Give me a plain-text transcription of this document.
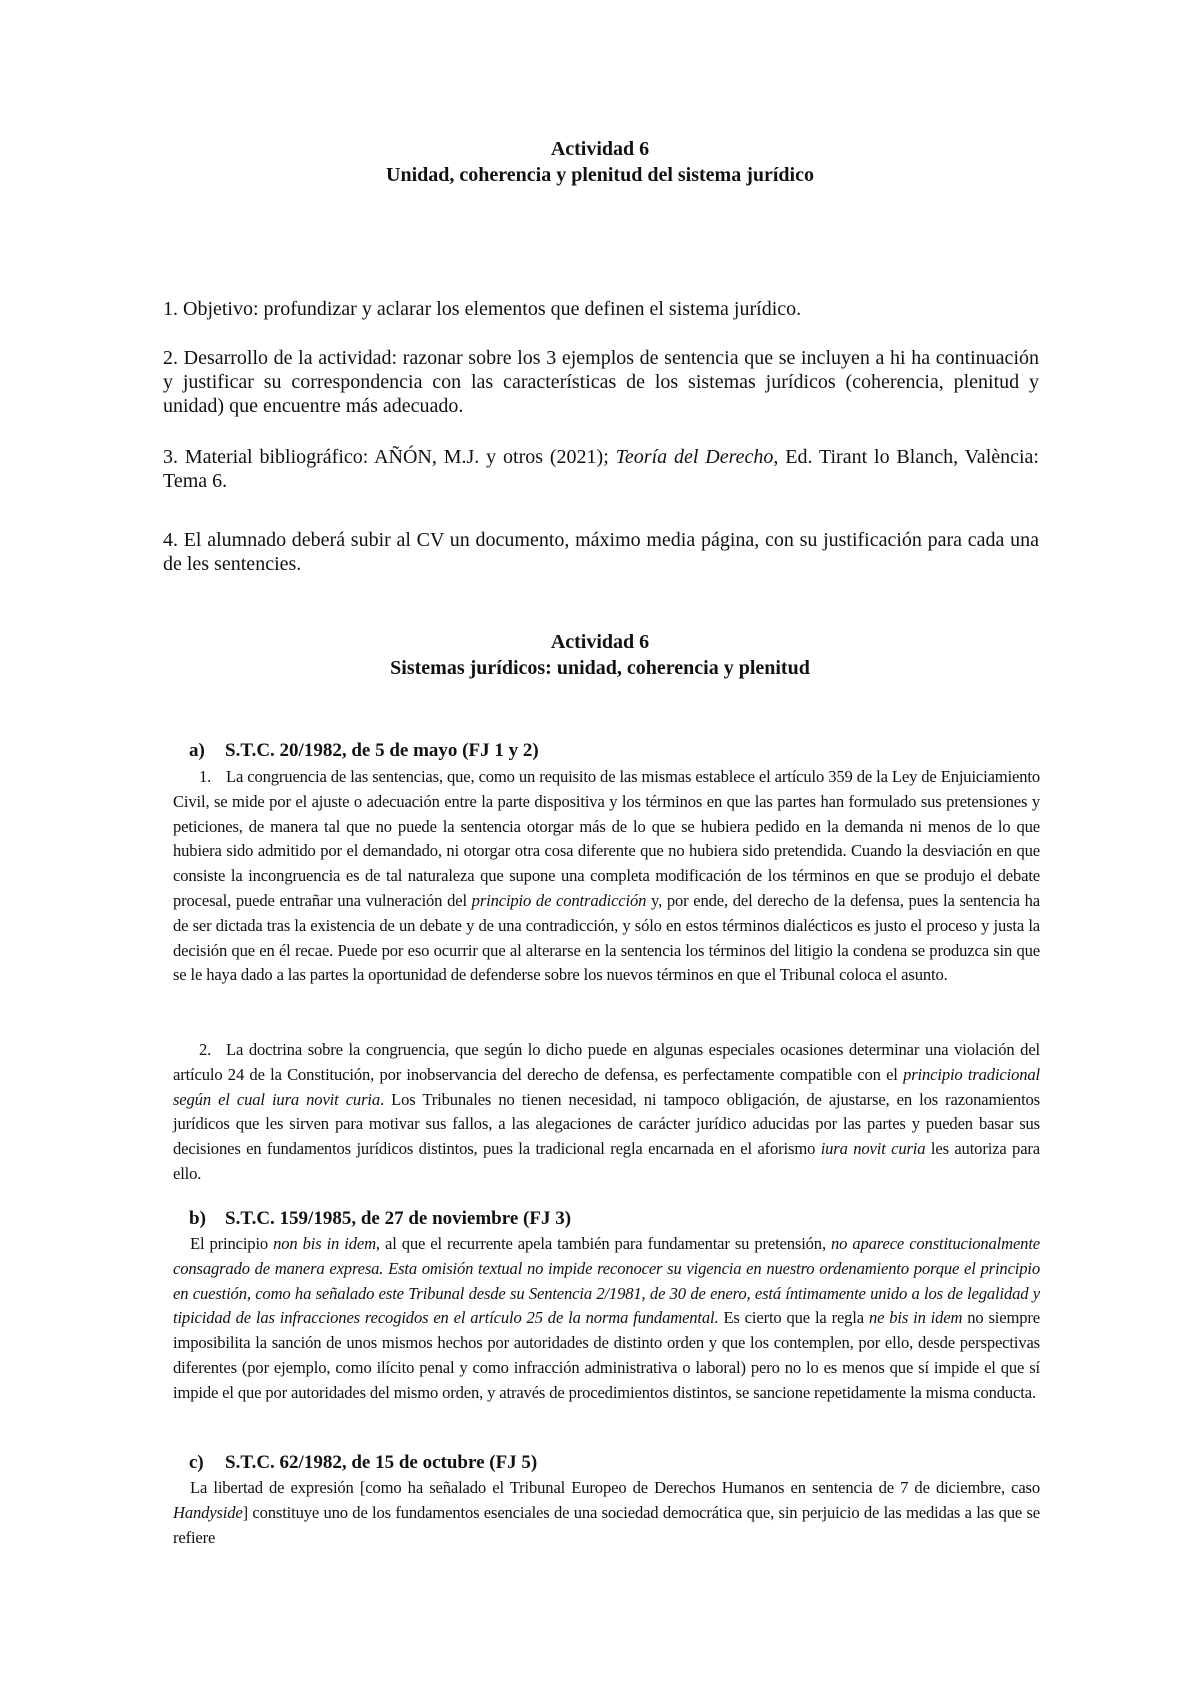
Actividad 6
Unidad, coherencia y plenitud del sistema jurídico
1. Objetivo: profundizar y aclarar los elementos que definen el sistema jurídico.
2. Desarrollo de la actividad: razonar sobre los 3 ejemplos de sentencia que se incluyen a hi ha continuación y justificar su correspondencia con las características de los sistemas jurídicos (coherencia, plenitud y unidad) que encuentre más adecuado.
3. Material bibliográfico: AÑÓN, M.J. y otros (2021); Teoría del Derecho, Ed. Tirant lo Blanch, València: Tema 6.
4. El alumnado deberá subir al CV un documento, máximo media página, con su justificación para cada una de les sentencies.
Actividad 6
Sistemas jurídicos: unidad, coherencia y plenitud
a) S.T.C. 20/1982, de 5 de mayo (FJ 1 y 2)
1. La congruencia de las sentencias, que, como un requisito de las mismas establece el artículo 359 de la Ley de Enjuiciamiento Civil, se mide por el ajuste o adecuación entre la parte dispositiva y los términos en que las partes han formulado sus pretensiones y peticiones, de manera tal que no puede la sentencia otorgar más de lo que se hubiera pedido en la demanda ni menos de lo que hubiera sido admitido por el demandado, ni otorgar otra cosa diferente que no hubiera sido pretendida. Cuando la desviación en que consiste la incongruencia es de tal naturaleza que supone una completa modificación de los términos en que se produjo el debate procesal, puede entrañar una vulneración del principio de contradicción y, por ende, del derecho de la defensa, pues la sentencia ha de ser dictada tras la existencia de un debate y de una contradicción, y sólo en estos términos dialécticos es justo el proceso y justa la decisión que en él recae. Puede por eso ocurrir que al alterarse en la sentencia los términos del litigio la condena se produzca sin que se le haya dado a las partes la oportunidad de defenderse sobre los nuevos términos en que el Tribunal coloca el asunto.
2. La doctrina sobre la congruencia, que según lo dicho puede en algunas especiales ocasiones determinar una violación del artículo 24 de la Constitución, por inobservancia del derecho de defensa, es perfectamente compatible con el principio tradicional según el cual iura novit curia. Los Tribunales no tienen necesidad, ni tampoco obligación, de ajustarse, en los razonamientos jurídicos que les sirven para motivar sus fallos, a las alegaciones de carácter jurídico aducidas por las partes y pueden basar sus decisiones en fundamentos jurídicos distintos, pues la tradicional regla encarnada en el aforismo iura novit curia les autoriza para ello.
b) S.T.C. 159/1985, de 27 de noviembre (FJ 3)
El principio non bis in idem, al que el recurrente apela también para fundamentar su pretensión, no aparece constitucionalmente consagrado de manera expresa. Esta omisión textual no impide reconocer su vigencia en nuestro ordenamiento porque el principio en cuestión, como ha señalado este Tribunal desde su Sentencia 2/1981, de 30 de enero, está íntimamente unido a los de legalidad y tipicidad de las infracciones recogidos en el artículo 25 de la norma fundamental. Es cierto que la regla ne bis in idem no siempre imposibilita la sanción de unos mismos hechos por autoridades de distinto orden y que los contemplen, por ello, desde perspectivas diferentes (por ejemplo, como ilícito penal y como infracción administrativa o laboral) pero no lo es menos que sí impide el que sí impide el que por autoridades del mismo orden, y através de procedimientos distintos, se sancione repetidamente la misma conducta.
c) S.T.C. 62/1982, de 15 de octubre (FJ 5)
La libertad de expresión [como ha señalado el Tribunal Europeo de Derechos Humanos en sentencia de 7 de diciembre, caso Handyside] constituye uno de los fundamentos esenciales de una sociedad democrática que, sin perjuicio de las medidas a las que se refiere
